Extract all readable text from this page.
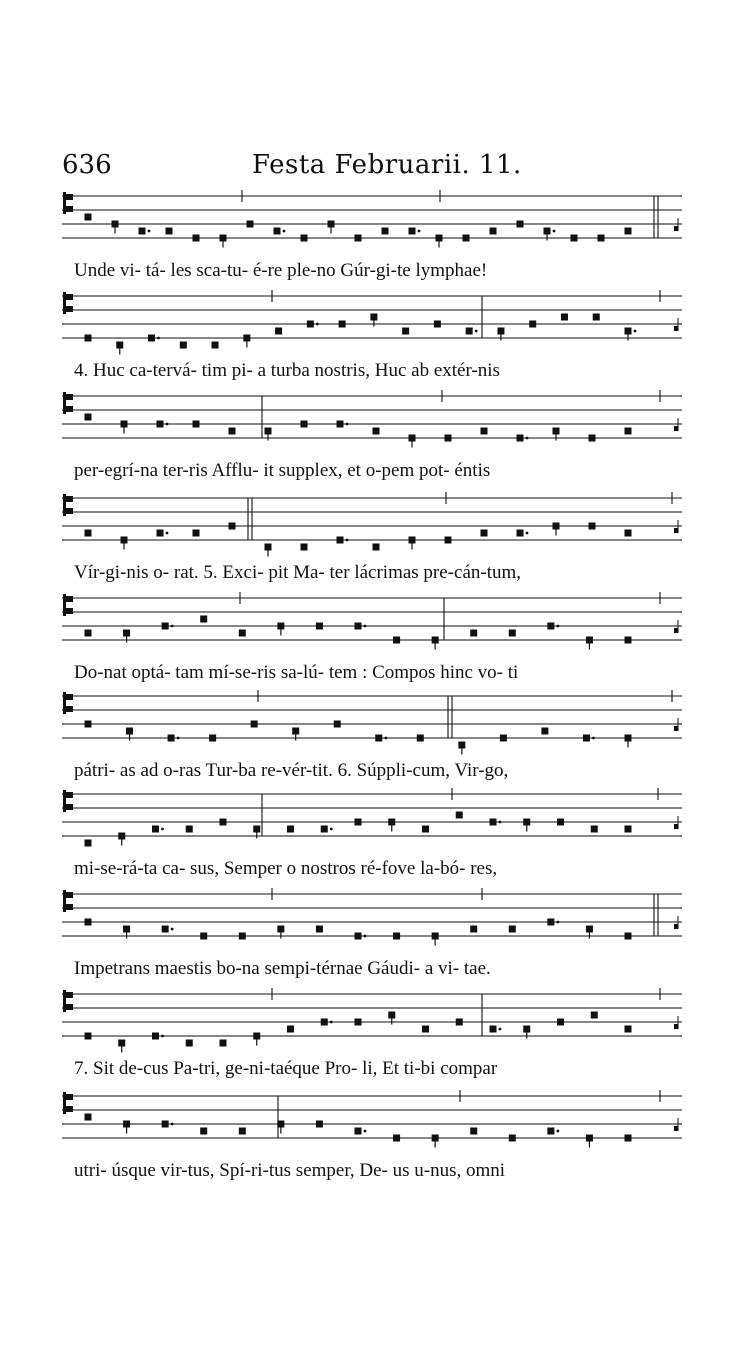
636	Festa Februarii. 11.
Unde vi- tá- les sca-tu- é-re ple-no Gúr-gi-te lymphae!
4. Huc ca-tervá- tim pi- a turba nostris, Huc ab extér-nis
per-egrí-na ter-ris Afflu- it supplex, et o-pem pot- éntis
Vír-gi-nis o- rat. 5. Exci- pit Ma- ter lácrimas pre-cán-tum,
Do-nat optá- tam mí-se-ris sa-lú- tem : Compos hinc vo- ti
pátri- as ad o-ras Tur-ba re-vér-tit. 6. Súppli-cum, Vir-go,
mi-se-rá-ta ca- sus, Semper o nostros ré-fove la-bó- res,
Impetrans maestis bo-na sempi-térnae Gáudi- a vi- tae.
7. Sit de-cus Pa-tri, ge-ni-taéque Pro- li, Et ti-bi compar
utri- úsque vir-tus, Spí-ri-tus semper, De- us u-nus, omni
